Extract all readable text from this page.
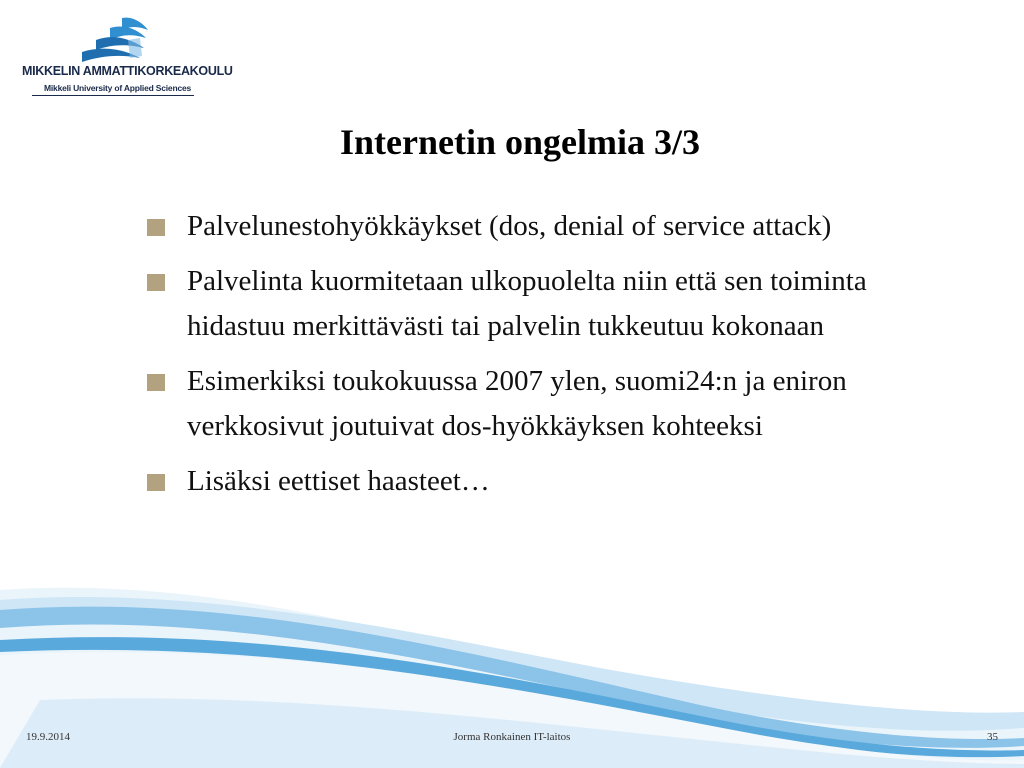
MIKKELIN AMMATTIKORKEAKOULU
Mikkeli University of Applied Sciences
Internetin ongelmia 3/3
Palvelunestohyökkäykset (dos, denial of service attack)
Palvelinta kuormitetaan ulkopuolelta niin että sen toiminta hidastuu merkittävästi tai palvelin tukkeutuu kokonaan
Esimerkiksi toukokuussa 2007 ylen, suomi24:n ja eniron verkkosivut joutuivat dos-hyökkäyksen kohteeksi
Lisäksi eettiset haasteet…
19.9.2014	Jorma Ronkainen IT-laitos	35
